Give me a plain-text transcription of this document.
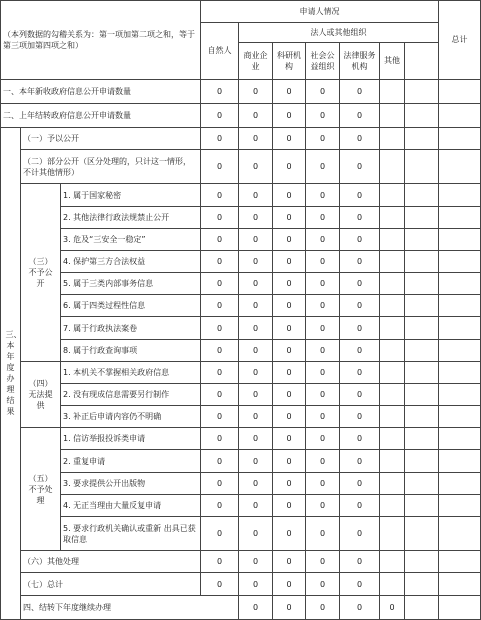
（本列数据的勾稽关系为：第一项加第二项之和，等于第三项加第四项之和）			申请人情况							总计	
			自然人	法人或其他组织							
				商业企业	科研机构	社会公益组织	法律服务机构	其他			
一、本年新收政府信息公开申请数量			0	0	0	0	0				
二、上年结转政府信息公开申请数量			0	0	0	0	0				
三、本年度办理结果	（一）予以公开		0	0	0	0	0				
	（二）部分公开（区分处理的，只计这一情形，不计其他情形）		0	0	0	0	0				
	（三）不予公开	1. 属于国家秘密	0	0	0	0	0				
		2. 其他法律行政法规禁止公开	0	0	0	0	0				
		3. 危及“三安全一稳定”	0	0	0	0	0				
		4. 保护第三方合法权益	0	0	0	0	0				
		5. 属于三类内部事务信息	0	0	0	0	0				
		6. 属于四类过程性信息	0	0	0	0	0				
		7. 属于行政执法案卷	0	0	0	0	0				
		8. 属于行政查询事项	0	0	0	0	0				
	（四）无法提供	1. 本机关不掌握相关政府信息	0	0	0	0	0				
		2. 没有现成信息需要另行制作	0	0	0	0	0				
		3. 补正后申请内容仍不明确	0	0	0	0	0				
	（五）不予处理	1. 信访举报投诉类申请	0	0	0	0	0				
		2. 重复申请	0	0	0	0	0				
		3. 要求提供公开出版物	0	0	0	0	0				
		4. 无正当理由大量反复申请	0	0	0	0	0				
		5. 要求行政机关确认或重新 出具已获取信息	0	0	0	0	0				
	（六）其他处理		0	0	0	0	0				
	（七）总计		0	0	0	0	0				
	四、结转下年度继续办理			0	0	0	0	0			
